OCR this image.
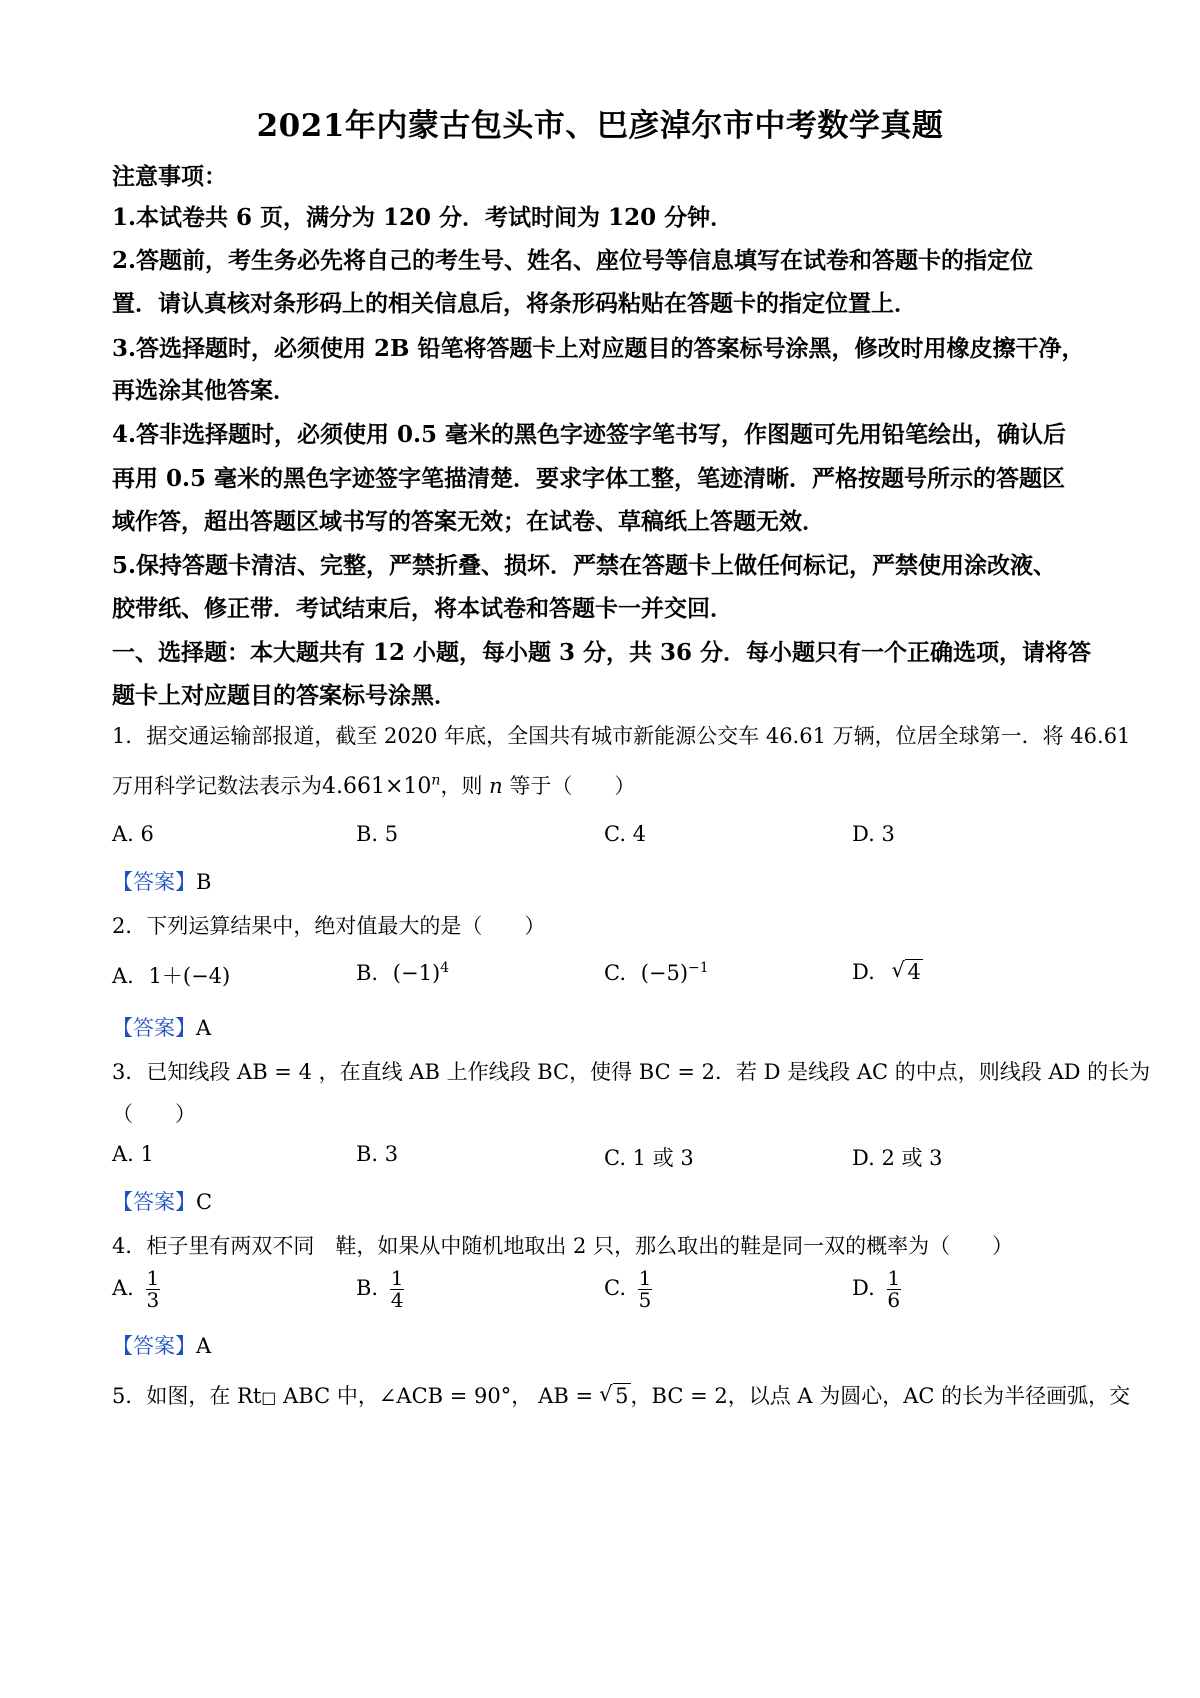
2021年内蒙古包头市、巴彦淖尔市中考数学真题
注意事项：
1.本试卷共 6 页，满分为 120 分．考试时间为 120 分钟．
2.答题前，考生务必先将自己的考生号、姓名、座位号等信息填写在试卷和答题卡的指定位
置．请认真核对条形码上的相关信息后，将条形码粘贴在答题卡的指定位置上．
3.答选择题时，必须使用 2B 铅笔将答题卡上对应题目的答案标号涂黑，修改时用橡皮擦干净，
再选涂其他答案．
4.答非选择题时，必须使用 0.5 毫米的黑色字迹签字笔书写，作图题可先用铅笔绘出，确认后
再用 0.5 毫米的黑色字迹签字笔描清楚．要求字体工整，笔迹清晰．严格按题号所示的答题区
域作答，超出答题区域书写的答案无效；在试卷、草稿纸上答题无效．
5.保持答题卡清洁、完整，严禁折叠、损坏．严禁在答题卡上做任何标记，严禁使用涂改液、
胶带纸、修正带．考试结束后，将本试卷和答题卡一并交回．
一、选择题：本大题共有 12 小题，每小题 3 分，共 36 分．每小题只有一个正确选项，请将答
题卡上对应题目的答案标号涂黑．
1．据交通运输部报道，截至 2020 年底，全国共有城市新能源公交车 46.61 万辆，位居全球第一．将 46.61
万用科学记数法表示为$4.661\times 10^n$，则 n 等于（　　）
A. 6	B. 5	C. 4	D. 3
【答案】B
2．下列运算结果中，绝对值最大的是（　　）
A. 1＋(−4)	B. $(-1)^4$	C. $(-5)^{-1}$	D. √ 4
【答案】A
3．已知线段 AB = 4 ，在直线 AB 上作线段 BC，使得 BC = 2．若 D 是线段 AC 的中点，则线段 AD 的长为
（　　）
A. 1	B. 3	C. 1 或 3	D. 2 或 3
【答案】C
4．柜子里有两双不同　鞋，如果从中随机地取出 2 只，那么取出的鞋是同一双的概率为（　　）
A. $\frac{1}{3}$	B. $\frac{1}{4}$	C. $\frac{1}{5}$	D. $\frac{1}{6}$
【答案】A
5．如图，在 Rt□ ABC 中，∠ACB = 90°， AB = √ 5，BC = 2，以点 A 为圆心，AC 的长为半径画弧，交
